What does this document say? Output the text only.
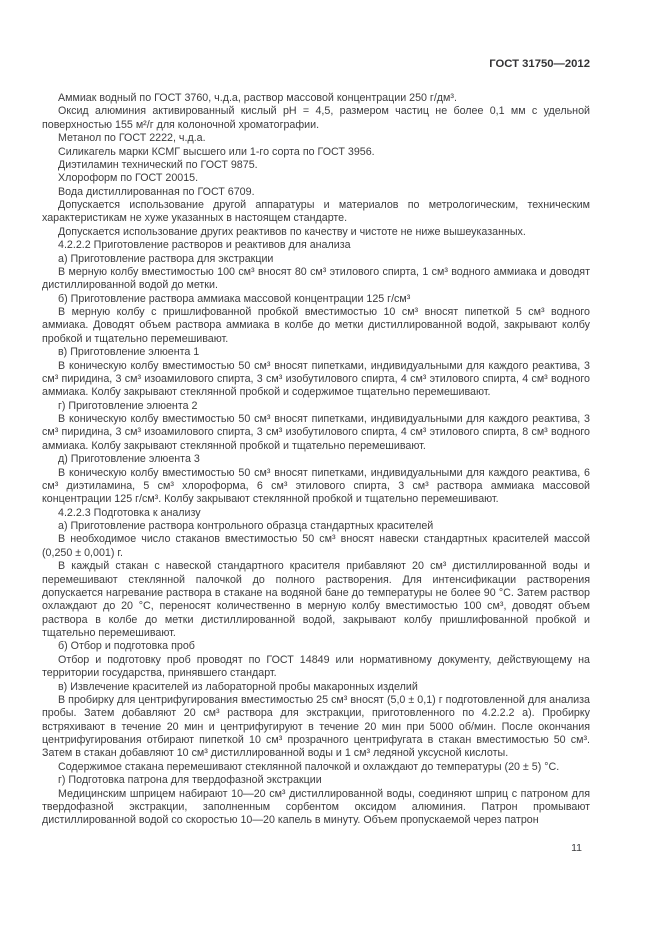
ГОСТ 31750—2012

Аммиак водный по ГОСТ 3760, ч.д.а, раствор массовой концентрации 250 г/дм³.

Оксид алюминия активированный кислый pH = 4,5, размером частиц не более 0,1 мм с удельной поверхностью 155 м²/г для колоночной хроматографии.

Метанол по ГОСТ 2222, ч.д.а.

Силикагель марки КСМГ высшего или 1-го сорта по ГОСТ 3956.

Диэтиламин технический по ГОСТ 9875.

Хлороформ по ГОСТ 20015.

Вода дистиллированная по ГОСТ 6709.

Допускается использование другой аппаратуры и материалов по метрологическим, техническим характеристикам не хуже указанных в настоящем стандарте.

Допускается использование других реактивов по качеству и чистоте не ниже вышеуказанных.

4.2.2.2 Приготовление растворов и реактивов для анализа

а) Приготовление раствора для экстракции

В мерную колбу вместимостью 100 см³ вносят 80 см³ этилового спирта, 1 см³ водного аммиака и доводят дистиллированной водой до метки.

б) Приготовление раствора аммиака массовой концентрации 125 г/см³

В мерную колбу с пришлифованной пробкой вместимостью 10 см³ вносят пипеткой 5 см³ водного аммиака. Доводят объем раствора аммиака в колбе до метки дистиллированной водой, закрывают колбу пробкой и тщательно перемешивают.

в) Приготовление элюента 1

В коническую колбу вместимостью 50 см³ вносят пипетками, индивидуальными для каждого реактива, 3 см³ пиридина, 3 см³ изоамилового спирта, 3 см³ изобутилового спирта, 4 см³ этилового спирта, 4 см³ водного аммиака. Колбу закрывают стеклянной пробкой и содержимое тщательно перемешивают.

г) Приготовление элюента 2

В коническую колбу вместимостью 50 см³ вносят пипетками, индивидуальными для каждого реактива, 3 см³ пиридина, 3 см³ изоамилового спирта, 3 см³ изобутилового спирта, 4 см³ этилового спирта, 8 см³ водного аммиака. Колбу закрывают стеклянной пробкой и тщательно перемешивают.

д) Приготовление элюента 3

В коническую колбу вместимостью 50 см³ вносят пипетками, индивидуальными для каждого реактива, 6 см³ диэтиламина, 5 см³ хлороформа, 6 см³ этилового спирта, 3 см³ раствора аммиака массовой концентрации 125 г/см³. Колбу закрывают стеклянной пробкой и тщательно перемешивают.

4.2.2.3 Подготовка к анализу

а) Приготовление раствора контрольного образца стандартных красителей

В необходимое число стаканов вместимостью 50 см³ вносят навески стандартных красителей массой (0,250 ± 0,001) г.

В каждый стакан с навеской стандартного красителя прибавляют 20 см³ дистиллированной воды и перемешивают стеклянной палочкой до полного растворения. Для интенсификации растворения допускается нагревание раствора в стакане на водяной бане до температуры не более 90 °С. Затем раствор охлаждают до 20 °С, переносят количественно в мерную колбу вместимостью 100 см³, доводят объем раствора в колбе до метки дистиллированной водой, закрывают колбу пришлифованной пробкой и тщательно перемешивают.

б) Отбор и подготовка проб

Отбор и подготовку проб проводят по ГОСТ 14849 или нормативному документу, действующему на территории государства, принявшего стандарт.

в) Извлечение красителей из лабораторной пробы макаронных изделий

В пробирку для центрифугирования вместимостью 25 см³ вносят (5,0 ± 0,1) г подготовленной для анализа пробы. Затем добавляют 20 см³ раствора для экстракции, приготовленного по 4.2.2.2 а). Пробирку встряхивают в течение 20 мин и центрифугируют в течение 20 мин при 5000 об/мин. После окончания центрифугирования отбирают пипеткой 10 см³ прозрачного центрифугата в стакан вместимостью 50 см³. Затем в стакан добавляют 10 см³ дистиллированной воды и 1 см³ ледяной уксусной кислоты.

Содержимое стакана перемешивают стеклянной палочкой и охлаждают до температуры (20 ± 5) °С.

г) Подготовка патрона для твердофазной экстракции

Медицинским шприцем набирают 10—20 см³ дистиллированной воды, соединяют шприц с патроном для твердофазной экстракции, заполненным сорбентом оксидом алюминия. Патрон промывают дистиллированной водой со скоростью 10—20 капель в минуту. Объем пропускаемой через патрон

11
